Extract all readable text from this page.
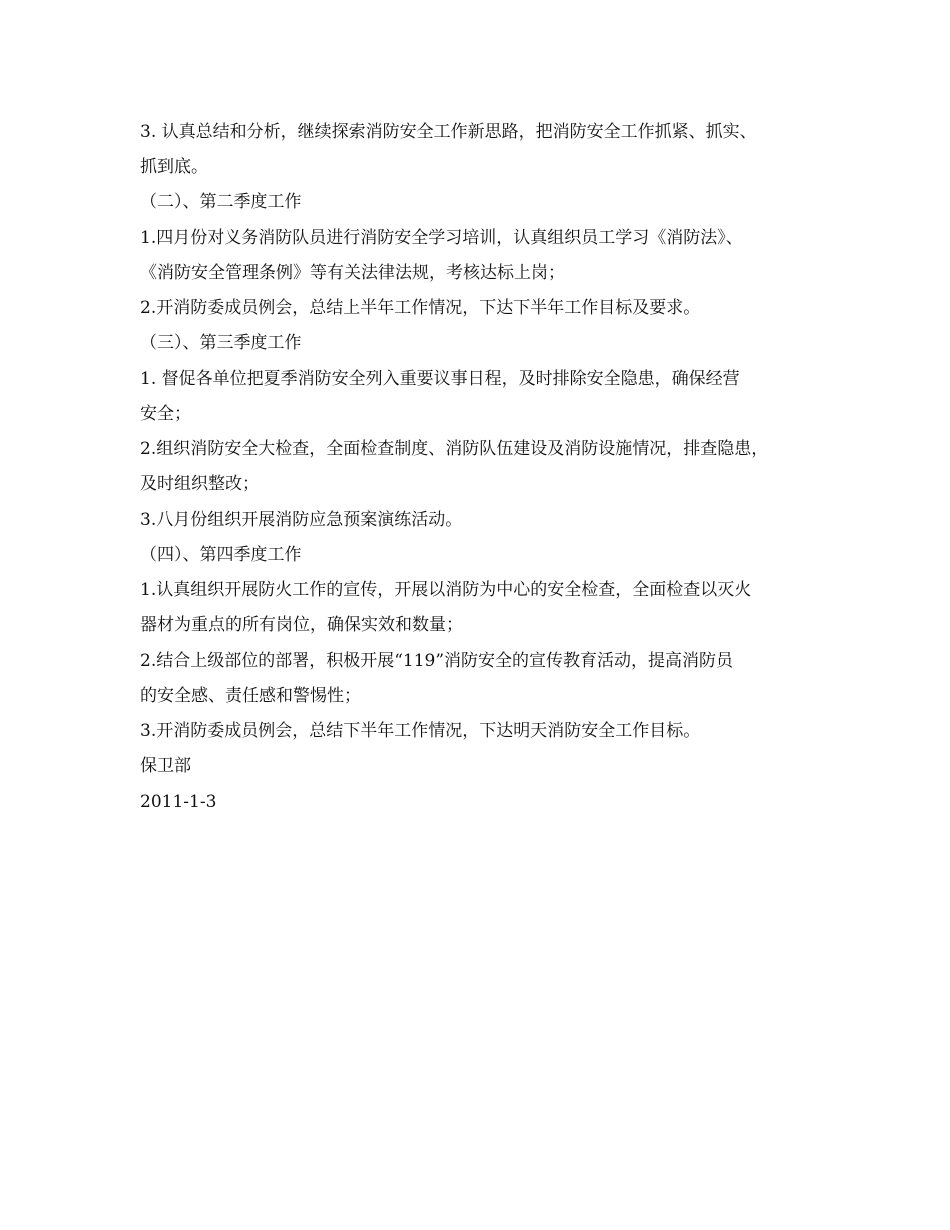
3. 认真总结和分析，继续探索消防安全工作新思路，把消防安全工作抓紧、抓实、
抓到底。
（二）、第二季度工作
1.四月份对义务消防队员进行消防安全学习培训，认真组织员工学习《消防法》、
《消防安全管理条例》等有关法律法规，考核达标上岗；
2.开消防委成员例会，总结上半年工作情况，下达下半年工作目标及要求。
（三）、第三季度工作
1. 督促各单位把夏季消防安全列入重要议事日程，及时排除安全隐患，确保经营
安全；
2.组织消防安全大检查，全面检查制度、消防队伍建设及消防设施情况，排查隐患，
及时组织整改；
3.八月份组织开展消防应急预案演练活动。
（四）、第四季度工作
1.认真组织开展防火工作的宣传，开展以消防为中心的安全检查，全面检查以灭火
器材为重点的所有岗位，确保实效和数量；
2.结合上级部位的部署，积极开展“119”消防安全的宣传教育活动，提高消防员
的安全感、责任感和警惕性；
3.开消防委成员例会，总结下半年工作情况，下达明天消防安全工作目标。
保卫部
2011-1-3
